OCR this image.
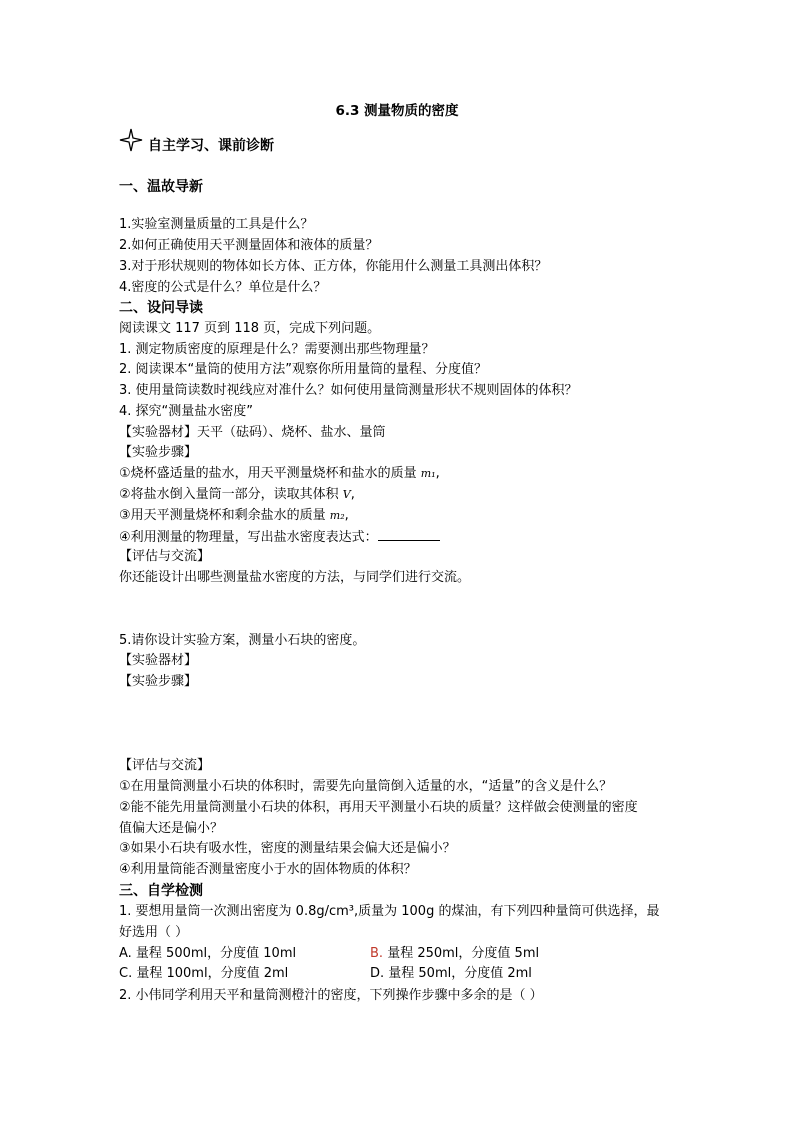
6.3 测量物质的密度
自主学习、课前诊断
一、温故导新
1.实验室测量质量的工具是什么？
2.如何正确使用天平测量固体和液体的质量？
3.对于形状规则的物体如长方体、正方体，你能用什么测量工具测出体积？
4.密度的公式是什么？单位是什么？
二、设问导读
阅读课文 117 页到 118 页，完成下列问题。
1. 测定物质密度的原理是什么？需要测出那些物理量？
2. 阅读课本“量筒的使用方法”观察你所用量筒的量程、分度值？
3. 使用量筒读数时视线应对准什么？如何使用量筒测量形状不规则固体的体积？
4. 探究“测量盐水密度”
【实验器材】天平（砝码）、烧杯、盐水、量筒
【实验步骤】
①烧杯盛适量的盐水，用天平测量烧杯和盐水的质量 m₁,
②将盐水倒入量筒一部分，读取其体积 V,
③用天平测量烧杯和剩余盐水的质量 m₂,
④利用测量的物理量，写出盐水密度表达式：
【评估与交流】
你还能设计出哪些测量盐水密度的方法，与同学们进行交流。
5.请你设计实验方案，测量小石块的密度。
【实验器材】
【实验步骤】
【评估与交流】
①在用量筒测量小石块的体积时，需要先向量筒倒入适量的水，“适量”的含义是什么？
②能不能先用量筒测量小石块的体积，再用天平测量小石块的质量？这样做会使测量的密度
值偏大还是偏小？
③如果小石块有吸水性，密度的测量结果会偏大还是偏小？
④利用量筒能否测量密度小于水的固体物质的体积？
三、自学检测
1. 要想用量筒一次测出密度为 0.8g/cm³,质量为 100g 的煤油，有下列四种量筒可供选择，最
好选用（ ）
A. 量程 500ml，分度值 10ml	B. 量程 250ml，分度值 5ml
C. 量程 100ml，分度值 2ml	D. 量程 50ml，分度值 2ml
2. 小伟同学利用天平和量筒测橙汁的密度，下列操作步骤中多余的是（ ）
